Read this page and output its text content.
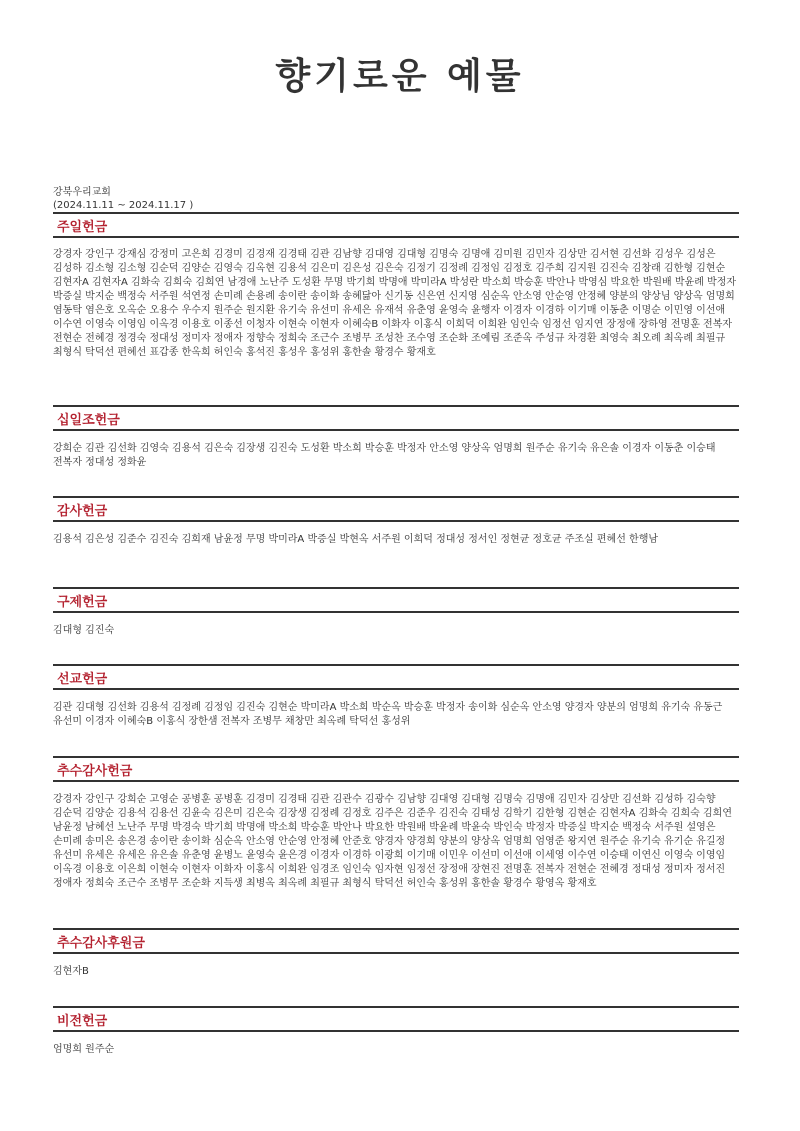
향기로운 예물
강북우리교회
(2024.11.11 ~ 2024.11.17 )
주일헌금
강경자 강인구 강재심 강정미 고은희 김경미 김경재 김경태 김관 김남향 김대영 김대형 김명숙 김명애 김미원 김민자 김상만 김서현 김선화 김성우 김성은 김성하 김소형 김소형 김순덕 김양순 김영숙 김옥현 김용석 김은미 김은성 김은숙 김정기 김정례 김정임 김정호 김주희 김지원 김진숙 김창래 김한형 김현순 김현자A 김현자A 김화숙 김희숙 김희연 남경애 노난주 도성환 무명 박기희 박명애 박미라A 박성란 박소희 박승훈 박안나 박영심 박요한 박원배 박윤례 박정자 박증실 박지순 백정숙 서주원 석연정 손미례 손용례 송이란 송이화 송혜닮아 신기동 신은연 신지영 심순옥 안소영 안순영 안정혜 양분의 양상님 양상옥 엄명희 염동탁 염은호 오옥순 오용수 우수지 원주순 원지환 유기숙 유선미 유세은 유재석 유춘영 윤영숙 윤행자 이경자 이경하 이기매 이동춘 이명순 이민영 이선애 이수연 이영숙 이영임 이옥경 이용호 이종선 이청자 이현숙 이현자 이혜숙B 이화자 이홍식 이희덕 이희완 임인숙 임정선 임지연 장정애 장하영 전명훈 전복자 전현순 전혜경 정경숙 정대성 정미자 정애자 정향숙 정희숙 조근수 조병무 조성찬 조수영 조순화 조예림 조준옥 주성규 차경환 최영숙 최오례 최옥례 최필규 최형식 탁덕선 편혜선 표갑종 한옥희 허인숙 홍석진 홍성우 홍성위 홍한솔 황경수 황재호
십일조헌금
강희순 김관 김선화 김영숙 김용석 김은숙 김장생 김진숙 도성환 박소희 박승훈 박정자 안소영 양상옥 엄명희 원주순 유기숙 유은솔 이경자 이동춘 이승태 전복자 정대성 정화윤
감사헌금
김용석 김은성 김준수 김진숙 김희재 남윤정 무명 박미라A 박증실 박현옥 서주원 이희덕 정대성 정서인 정현균 정호균 주조실 편혜선 한행남
구제헌금
김대형 김진숙
선교헌금
김관 김대형 김선화 김용석 김정례 김정임 김진숙 김현순 박미라A 박소희 박순옥 박승훈 박정자 송이화 심순옥 안소영 양경자 양분의 엄명희 유기숙 유동근 유선미 이경자 이혜숙B 이홍식 장한샘 전복자 조병무 채창만 최옥례 탁덕선 홍성위
추수감사헌금
강경자 강인구 강희순 고영순 공병훈 공병훈 김경미 김경태 김관 김관수 김광수 김남향 김대영 김대형 김명숙 김명애 김민자 김상만 김선화 김성하 김숙향 김순덕 김양순 김용석 김용선 김윤숙 김은미 김은숙 김장생 김정례 김정호 김주은 김준우 김진숙 김태성 김학기 김한형 김현순 김현자A 김화숙 김희숙 김희연 남윤정 남혜선 노난주 무명 박경숙 박기희 박명애 박소희 박승훈 박안나 박요한 박원배 박윤례 박윤숙 박인숙 박정자 박증실 박지순 백정숙 서주원 설영은 손미례 송미은 송은경 송이란 송이화 심순옥 안소영 안순영 안정혜 안준호 양경자 양경희 양분의 양상옥 엄명희 엄영준 왕지연 원주순 유기숙 유기순 유길정 유선미 유세은 유세은 유은솔 유춘영 윤병노 윤영숙 윤은경 이경자 이경하 이광희 이기매 이민우 이선미 이선애 이세영 이수연 이승태 이연신 이영숙 이영임 이옥경 이용호 이은희 이현숙 이현자 이화자 이홍식 이희완 임경조 임인숙 임자현 임정선 장정애 장현진 전명훈 전복자 전현순 전혜경 정대성 정미자 정서진 정애자 정희숙 조근수 조병무 조순화 지득생 최병옥 최옥례 최필규 최형식 탁덕선 허인숙 홍성위 홍한솔 황경수 황영옥 황재호
추수감사후원금
김현자B
비전헌금
엄명희 원주순
